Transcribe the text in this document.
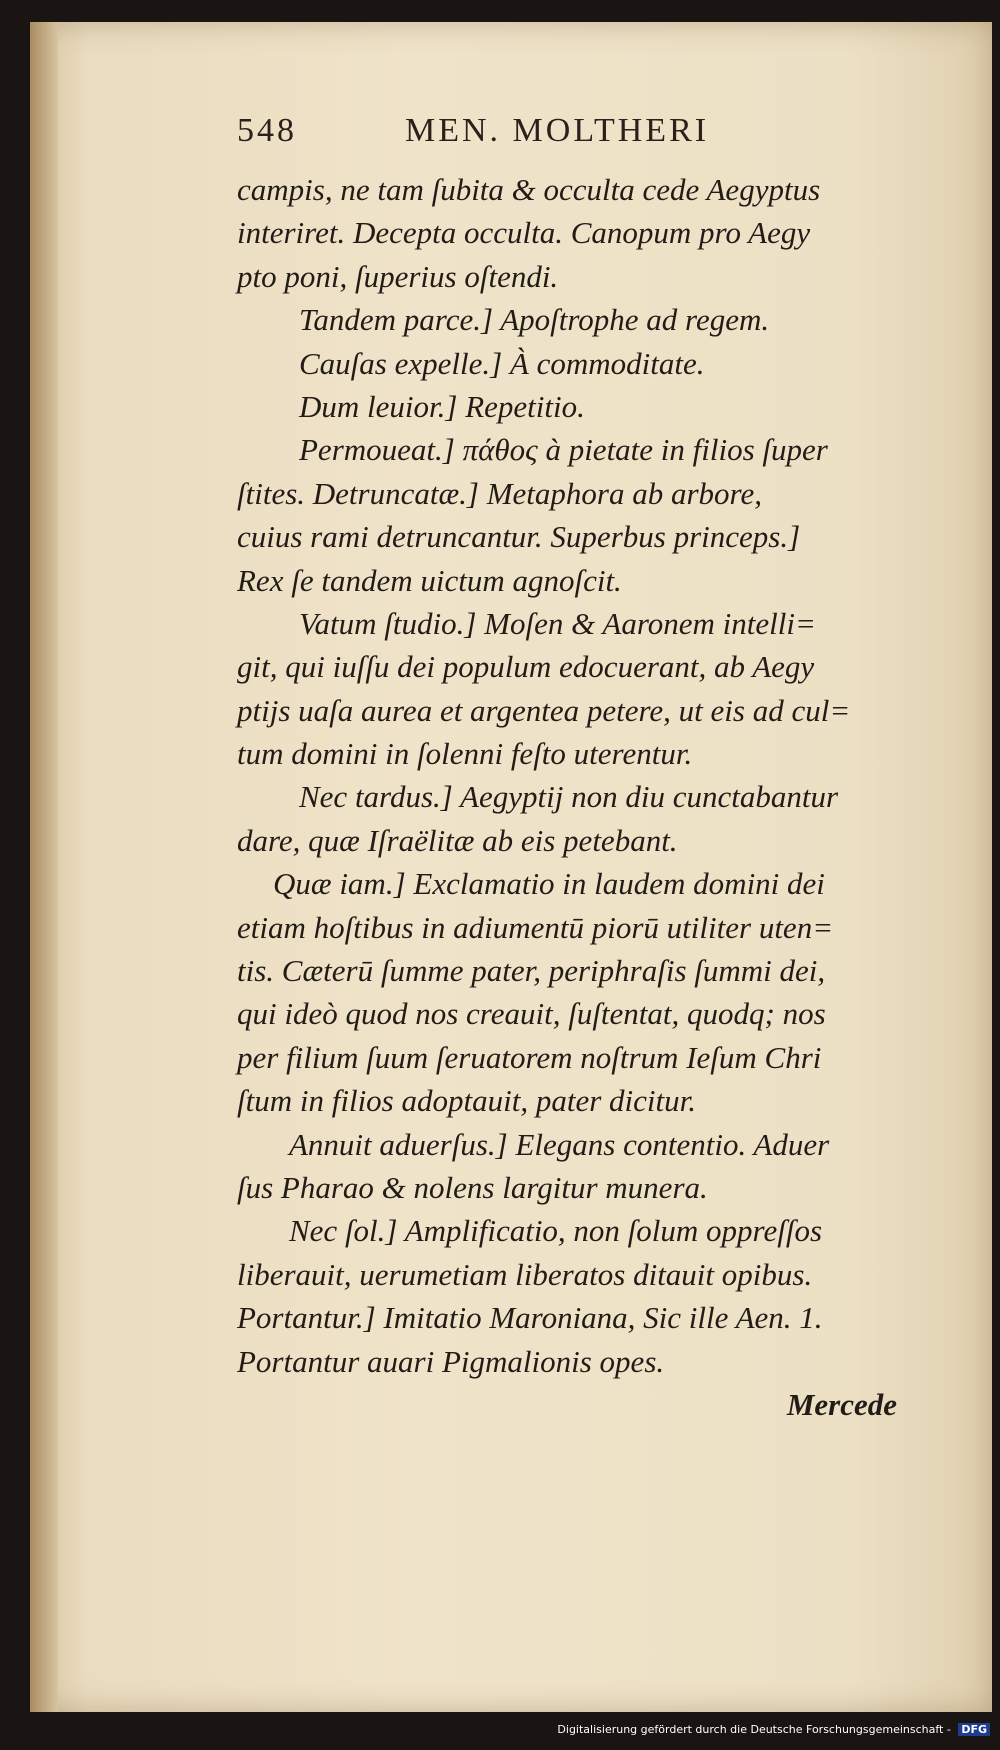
548	MEN. MOLTHERI
campis, ne tam ſubita & occulta cede Aegyptus
interiret. Decepta occulta. Canopum pro Aegy
pto poni, ſuperius oſtendi.
Tandem parce.] Apoſtrophe ad regem.
Cauſas expelle.] À commoditate.
Dum leuior.] Repetitio.
Permoueat.] πάθος à pietate in filios ſuper
ſtites. Detruncatæ.] Metaphora ab arbore,
cuius rami detruncantur. Superbus princeps.]
Rex ſe tandem uictum agnoſcit.
Vatum ſtudio.] Moſen & Aaronem intelli=
git, qui iuſſu dei populum edocuerant, ab Aegy
ptijs uaſa aurea et argentea petere, ut eis ad cul=
tum domini in ſolenni feſto uterentur.
Nec tardus.] Aegyptij non diu cunctabantur
dare, quæ Iſraëlitæ ab eis petebant.
Quæ iam.] Exclamatio in laudem domini dei
etiam hoſtibus in adiumentū piorū utiliter uten=
tis. Cæterū ſumme pater, periphraſis ſummi dei,
qui ideò quod nos creauit, ſuſtentat, quodq; nos
per filium ſuum ſeruatorem noſtrum Ieſum Chri
ſtum in filios adoptauit, pater dicitur.
Annuit aduerſus.] Elegans contentio. Aduer
ſus Pharao & nolens largitur munera.
Nec ſol.] Amplificatio, non ſolum oppreſſos
liberauit, uerumetiam liberatos ditauit opibus.
Portantur.] Imitatio Maroniana, Sic ille Aen. 1.
Portantur auari Pigmalionis opes.
Mercede
Digitalisierung gefördert durch die Deutsche Forschungsgemeinschaft - DFG
